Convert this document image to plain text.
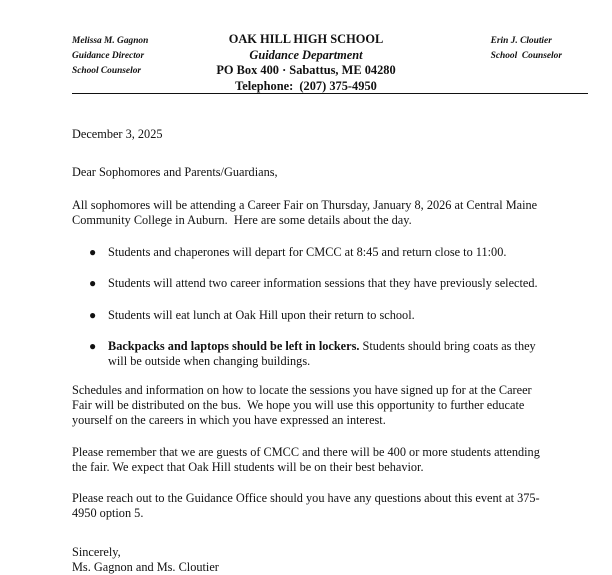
Melissa M. Gagnon
Guidance Director
School Counselor
OAK HILL HIGH SCHOOL
Guidance Department
PO Box 400 · Sabattus, ME 04280
Telephone:  (207) 375-4950
Erin J. Cloutier
School  Counselor

December 3, 2025

Dear Sophomores and Parents/Guardians,

All sophomores will be attending a Career Fair on Thursday, January 8, 2026 at Central Maine Community College in Auburn.  Here are some details about the day.

● Students and chaperones will depart for CMCC at 8:45 and return close to 11:00.
● Students will attend two career information sessions that they have previously selected.
● Students will eat lunch at Oak Hill upon their return to school.
● Backpacks and laptops should be left in lockers. Students should bring coats as they will be outside when changing buildings.

Schedules and information on how to locate the sessions you have signed up for at the Career Fair will be distributed on the bus.  We hope you will use this opportunity to further educate yourself on the careers in which you have expressed an interest.

Please remember that we are guests of CMCC and there will be 400 or more students attending the fair. We expect that Oak Hill students will be on their best behavior.

Please reach out to the Guidance Office should you have any questions about this event at 375-4950 option 5.

Sincerely,

Ms. Gagnon and Ms. Cloutier
